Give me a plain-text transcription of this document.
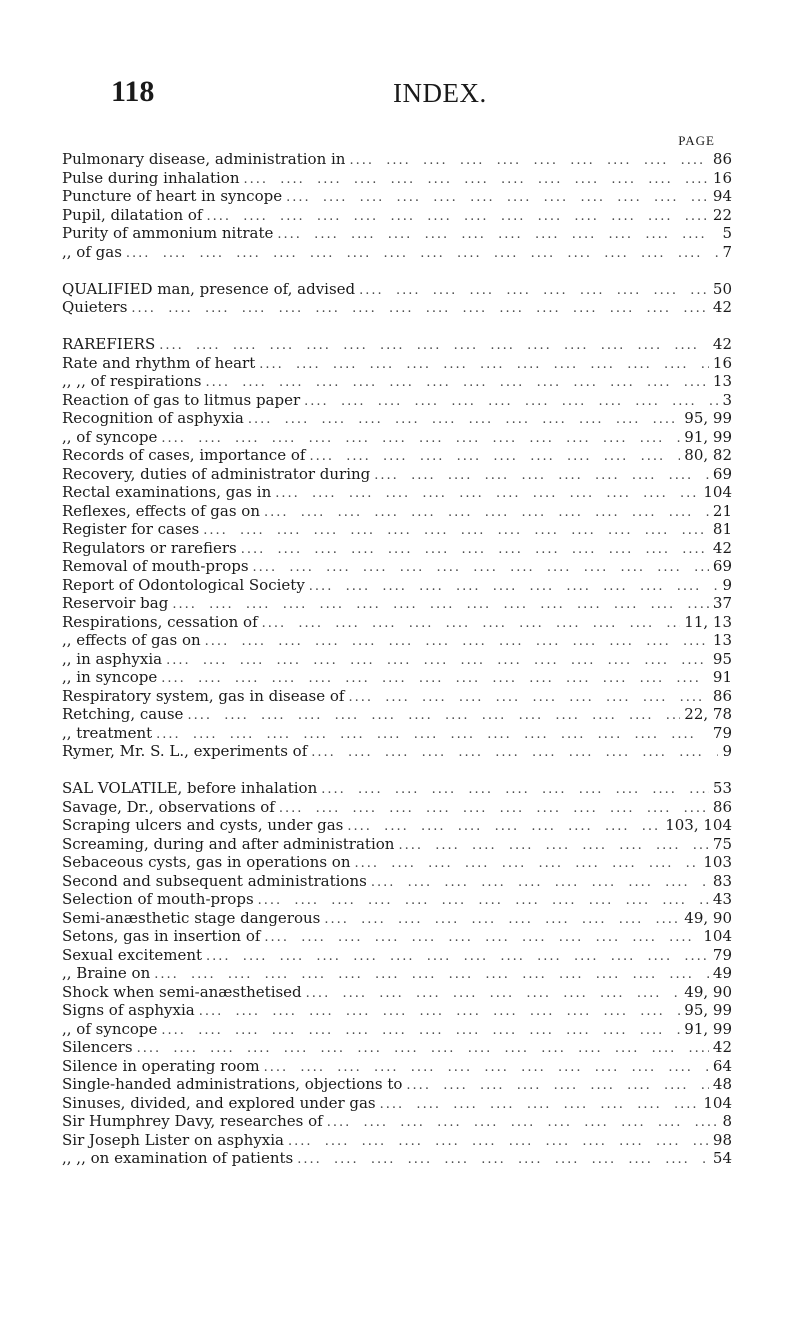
118	INDEX.
PAGE
Pulmonary disease, administration in ....	86
Pulse during inhalation ....	16
Puncture of heart in syncope ....	94
Pupil, dilatation of ....	22
Purity of ammonium nitrate ....	5
,, of gas ....	7
QUALIFIED man, presence of, advised ....	50
Quieters ....	42
RAREFIERS ....	42
Rate and rhythm of heart ....	16
,, ,, of respirations ....	13
Reaction of gas to litmus paper ....	3
Recognition of asphyxia ....	95, 99
,, of syncope ....	91, 99
Records of cases, importance of ....	80, 82
Recovery, duties of administrator during ....	69
Rectal examinations, gas in ....	104
Reflexes, effects of gas on ....	21
Register for cases ....	81
Regulators or rarefiers ....	42
Removal of mouth-props ....	69
Report of Odontological Society ....	9
Reservoir bag ....	37
Respirations, cessation of ....	11, 13
,, effects of gas on ....	13
,, in asphyxia ....	95
,, in syncope ....	91
Respiratory system, gas in disease of ....	86
Retching, cause ....	22, 78
,, treatment ....	79
Rymer, Mr. S. L., experiments of ....	9
SAL VOLATILE, before inhalation ....	53
Savage, Dr., observations of ....	86
Scraping ulcers and cysts, under gas ....	103, 104
Screaming, during and after administration ....	75
Sebaceous cysts, gas in operations on ....	103
Second and subsequent administrations ....	83
Selection of mouth-props ....	43
Semi-anæsthetic stage dangerous ....	49, 90
Setons, gas in insertion of ....	104
Sexual excitement ....	79
,, Braine on ....	49
Shock when semi-anæsthetised ....	49, 90
Signs of asphyxia ....	95, 99
,, of syncope ....	91, 99
Silencers ....	42
Silence in operating room ....	64
Single-handed administrations, objections to ....	48
Sinuses, divided, and explored under gas ....	104
Sir Humphrey Davy, researches of ....	8
Sir Joseph Lister on asphyxia ....	98
,, ,, on examination of patients ....	54
